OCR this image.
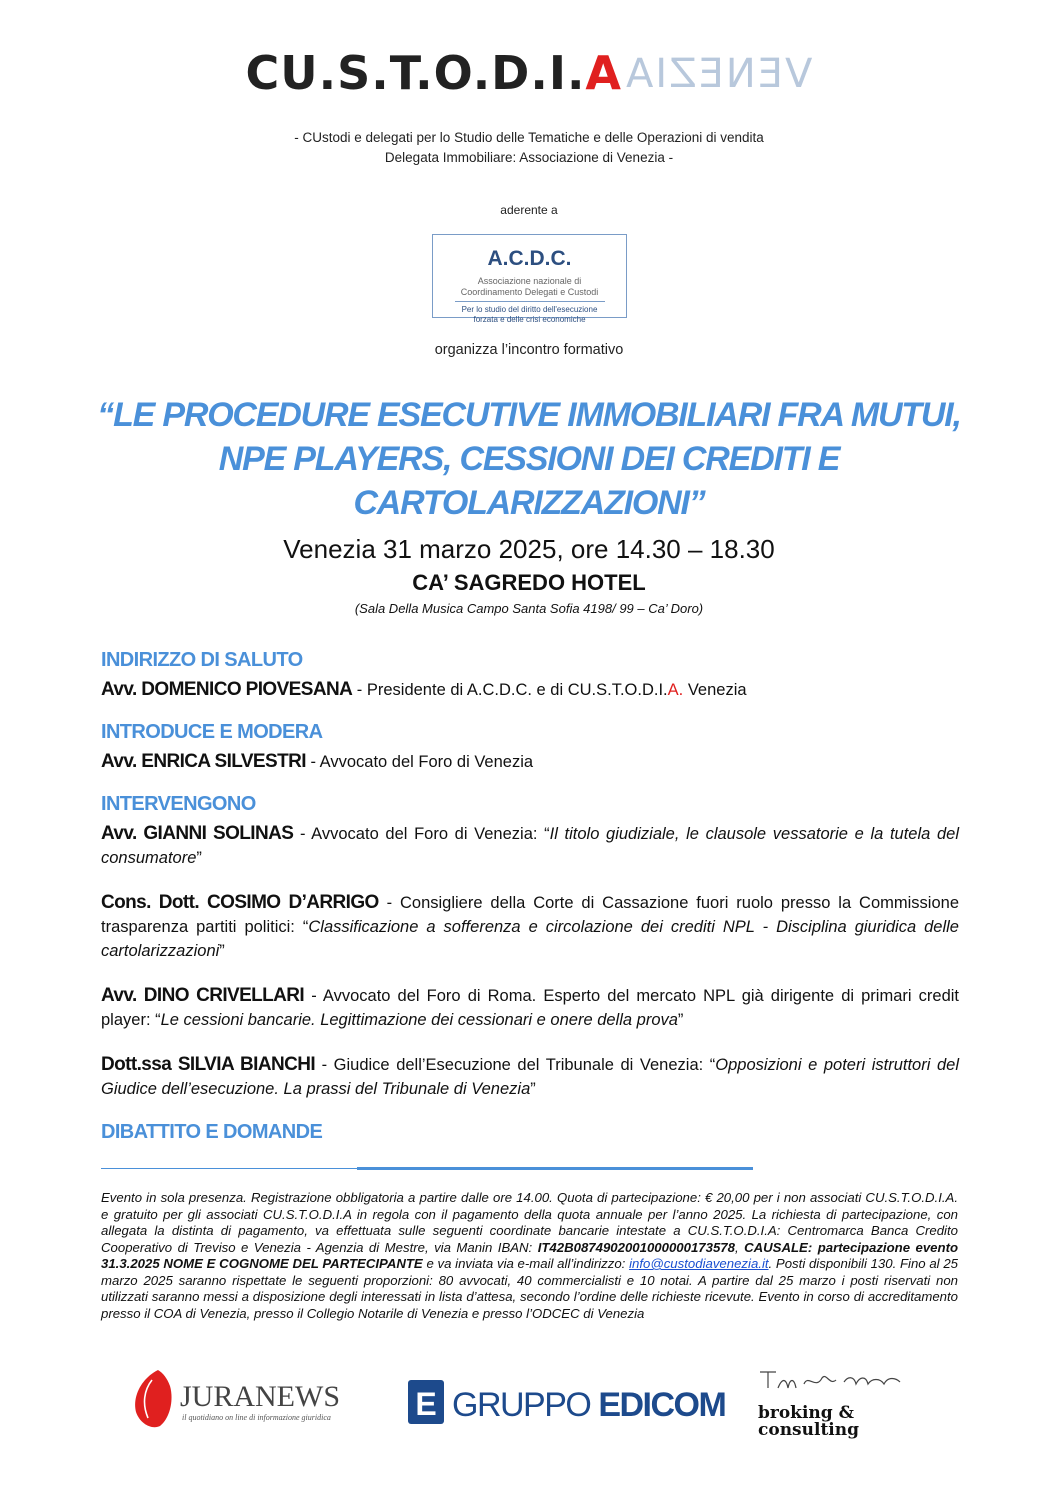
CU.S.T.O.D.I.AVENEZIA
- CUstodi e delegati per lo Studio delle Tematiche e delle Operazioni di vendita
Delegata Immobiliare: Associazione di Venezia -
aderente a
A.C.D.C.
Associazione nazionale di
Coordinamento Delegati e Custodi
Per lo studio del diritto dell'esecuzione
forzata e delle crisi economiche
organizza l’incontro formativo
“LE PROCEDURE ESECUTIVE IMMOBILIARI FRA MUTUI,
NPE PLAYERS, CESSIONI DEI CREDITI E
CARTOLARIZZAZIONI”
Venezia 31 marzo 2025, ore 14.30 – 18.30
CA’ SAGREDO HOTEL
(Sala Della Musica Campo Santa Sofia 4198/ 99 – Ca’ Doro)
INDIRIZZO DI SALUTO
Avv. DOMENICO PIOVESANA - Presidente di A.C.D.C. e di CU.S.T.O.D.I.A. Venezia
INTRODUCE E MODERA
Avv. ENRICA SILVESTRI - Avvocato del Foro di Venezia
INTERVENGONO
Avv. GIANNI SOLINAS - Avvocato del Foro di Venezia: “Il titolo giudiziale, le clausole vessatorie e la tutela del consumatore”
Cons. Dott. COSIMO D’ARRIGO - Consigliere della Corte di Cassazione fuori ruolo presso la Commissione trasparenza partiti politici: “Classificazione a sofferenza e circolazione dei crediti NPL - Disciplina giuridica delle cartolarizzazioni”
Avv. DINO CRIVELLARI - Avvocato del Foro di Roma. Esperto del mercato NPL già dirigente di primari credit player: “Le cessioni bancarie. Legittimazione dei cessionari e onere della prova”
Dott.ssa SILVIA BIANCHI - Giudice dell’Esecuzione del Tribunale di Venezia: “Opposizioni e poteri istruttori del Giudice dell’esecuzione. La prassi del Tribunale di Venezia”
DIBATTITO E DOMANDE
Evento in sola presenza. Registrazione obbligatoria a partire dalle ore 14.00. Quota di partecipazione: € 20,00 per i non associati CU.S.T.O.D.I.A. e gratuito per gli associati CU.S.T.O.D.I.A in regola con il pagamento della quota annuale per l’anno 2025. La richiesta di partecipazione, con allegata la distinta di pagamento, va effettuata sulle seguenti coordinate bancarie intestate a CU.S.T.O.D.I.A: Centromarca Banca Credito Cooperativo di Treviso e Venezia - Agenzia di Mestre, via Manin IBAN: IT42B0874902001000000173578, CAUSALE: partecipazione evento 31.3.2025 NOME E COGNOME DEL PARTECIPANTE e va inviata via e-mail all’indirizzo: info@custodiavenezia.it. Posti disponibili 130. Fino al 25 marzo 2025 saranno rispettate le seguenti proporzioni: 80 avvocati, 40 commercialisti e 10 notai. A partire dal 25 marzo i posti riservati non utilizzati saranno messi a disposizione degli interessati in lista d’attesa, secondo l’ordine delle richieste ricevute. Evento in corso di accreditamento presso il COA di Venezia, presso il Collegio Notarile di Venezia e presso l’ODCEC di Venezia
JURANEWS
il quotidiano on line di informazione giuridica	E GRUPPO EDICOM broking &
consulting
